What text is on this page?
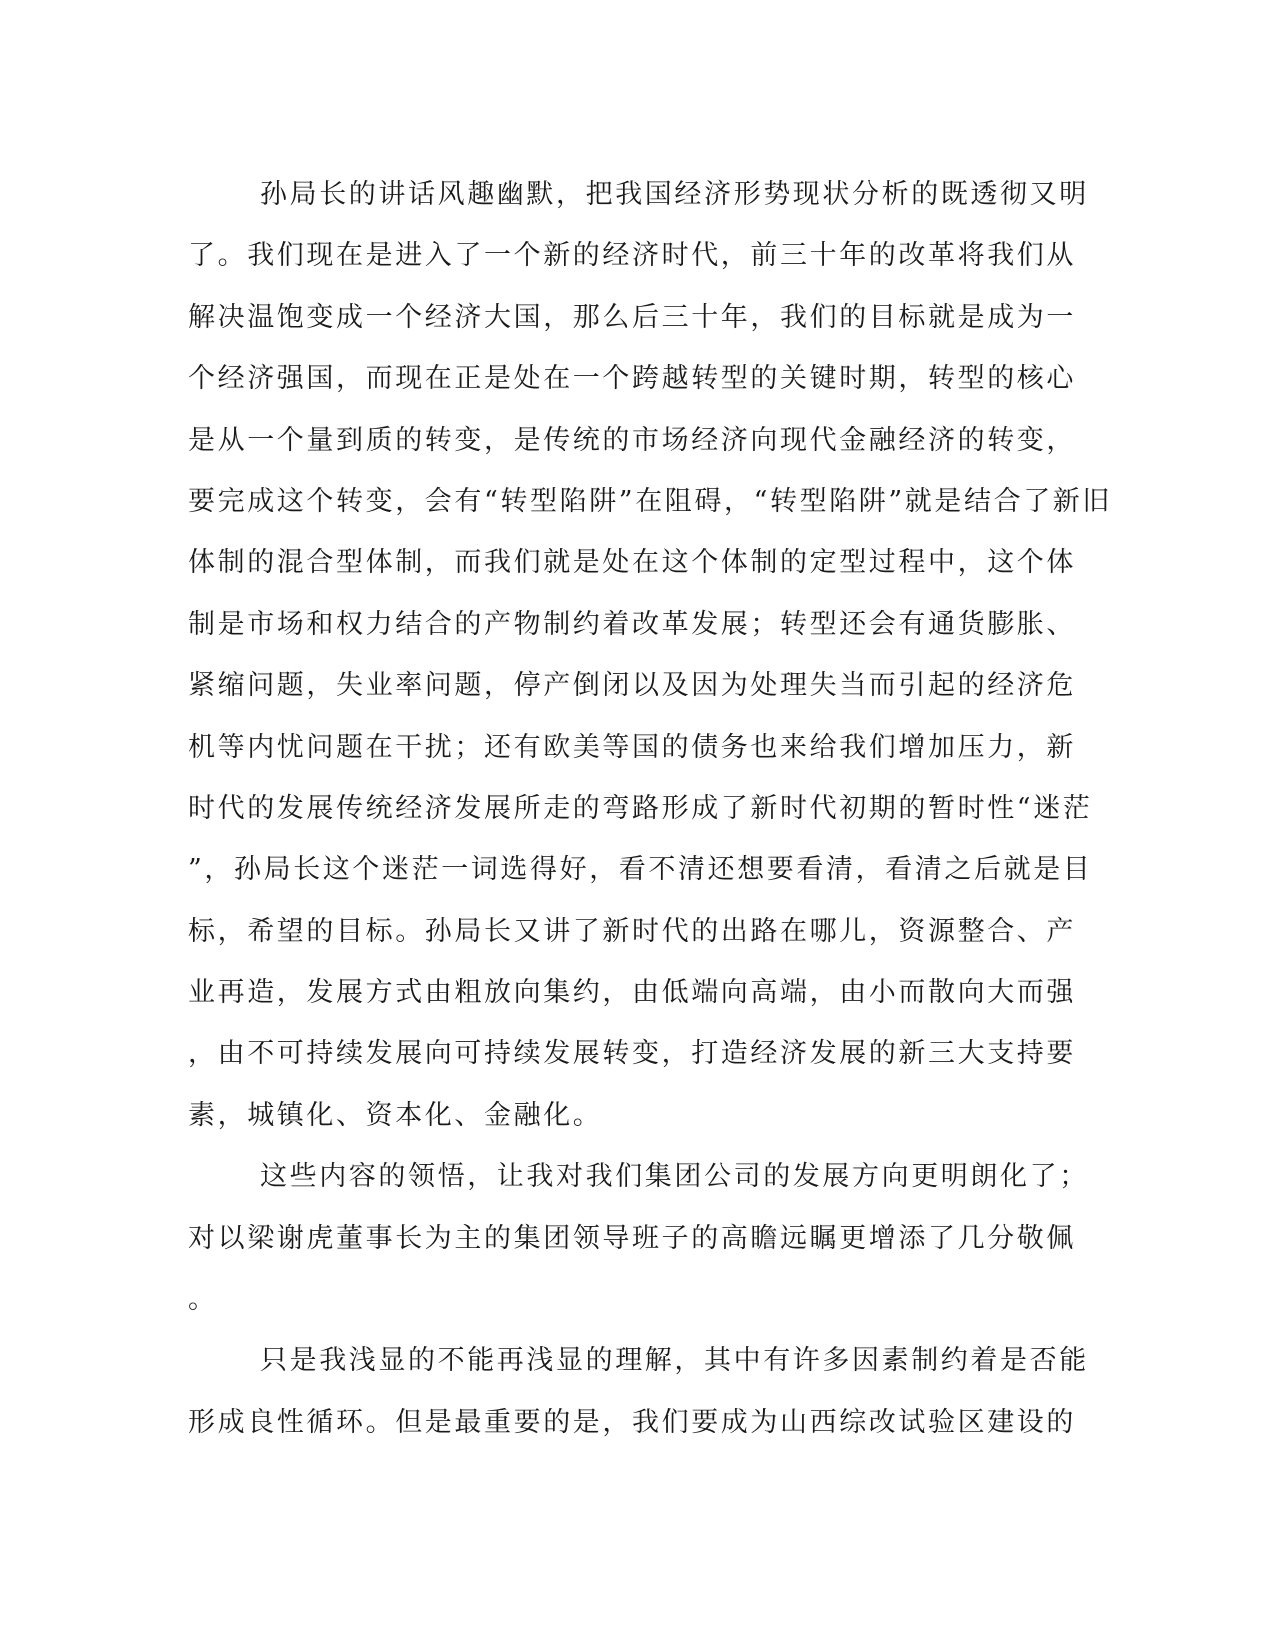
孙局长的讲话风趣幽默，把我国经济形势现状分析的既透彻又明
了。我们现在是进入了一个新的经济时代，前三十年的改革将我们从
解决温饱变成一个经济大国，那么后三十年，我们的目标就是成为一
个经济强国，而现在正是处在一个跨越转型的关键时期，转型的核心
是从一个量到质的转变，是传统的市场经济向现代金融经济的转变，
要完成这个转变，会有“转型陷阱”在阻碍，“转型陷阱”就是结合了新旧
体制的混合型体制，而我们就是处在这个体制的定型过程中，这个体
制是市场和权力结合的产物制约着改革发展；转型还会有通货膨胀、
紧缩问题，失业率问题，停产倒闭以及因为处理失当而引起的经济危
机等内忧问题在干扰；还有欧美等国的债务也来给我们增加压力，新
时代的发展传统经济发展所走的弯路形成了新时代初期的暂时性“迷茫
”，孙局长这个迷茫一词选得好，看不清还想要看清，看清之后就是目
标，希望的目标。孙局长又讲了新时代的出路在哪儿，资源整合、产
业再造，发展方式由粗放向集约，由低端向高端，由小而散向大而强
，由不可持续发展向可持续发展转变，打造经济发展的新三大支持要
素，城镇化、资本化、金融化。
这些内容的领悟，让我对我们集团公司的发展方向更明朗化了；
对以梁谢虎董事长为主的集团领导班子的高瞻远瞩更增添了几分敬佩
。
只是我浅显的不能再浅显的理解，其中有许多因素制约着是否能
形成良性循环。但是最重要的是，我们要成为山西综改试验区建设的
